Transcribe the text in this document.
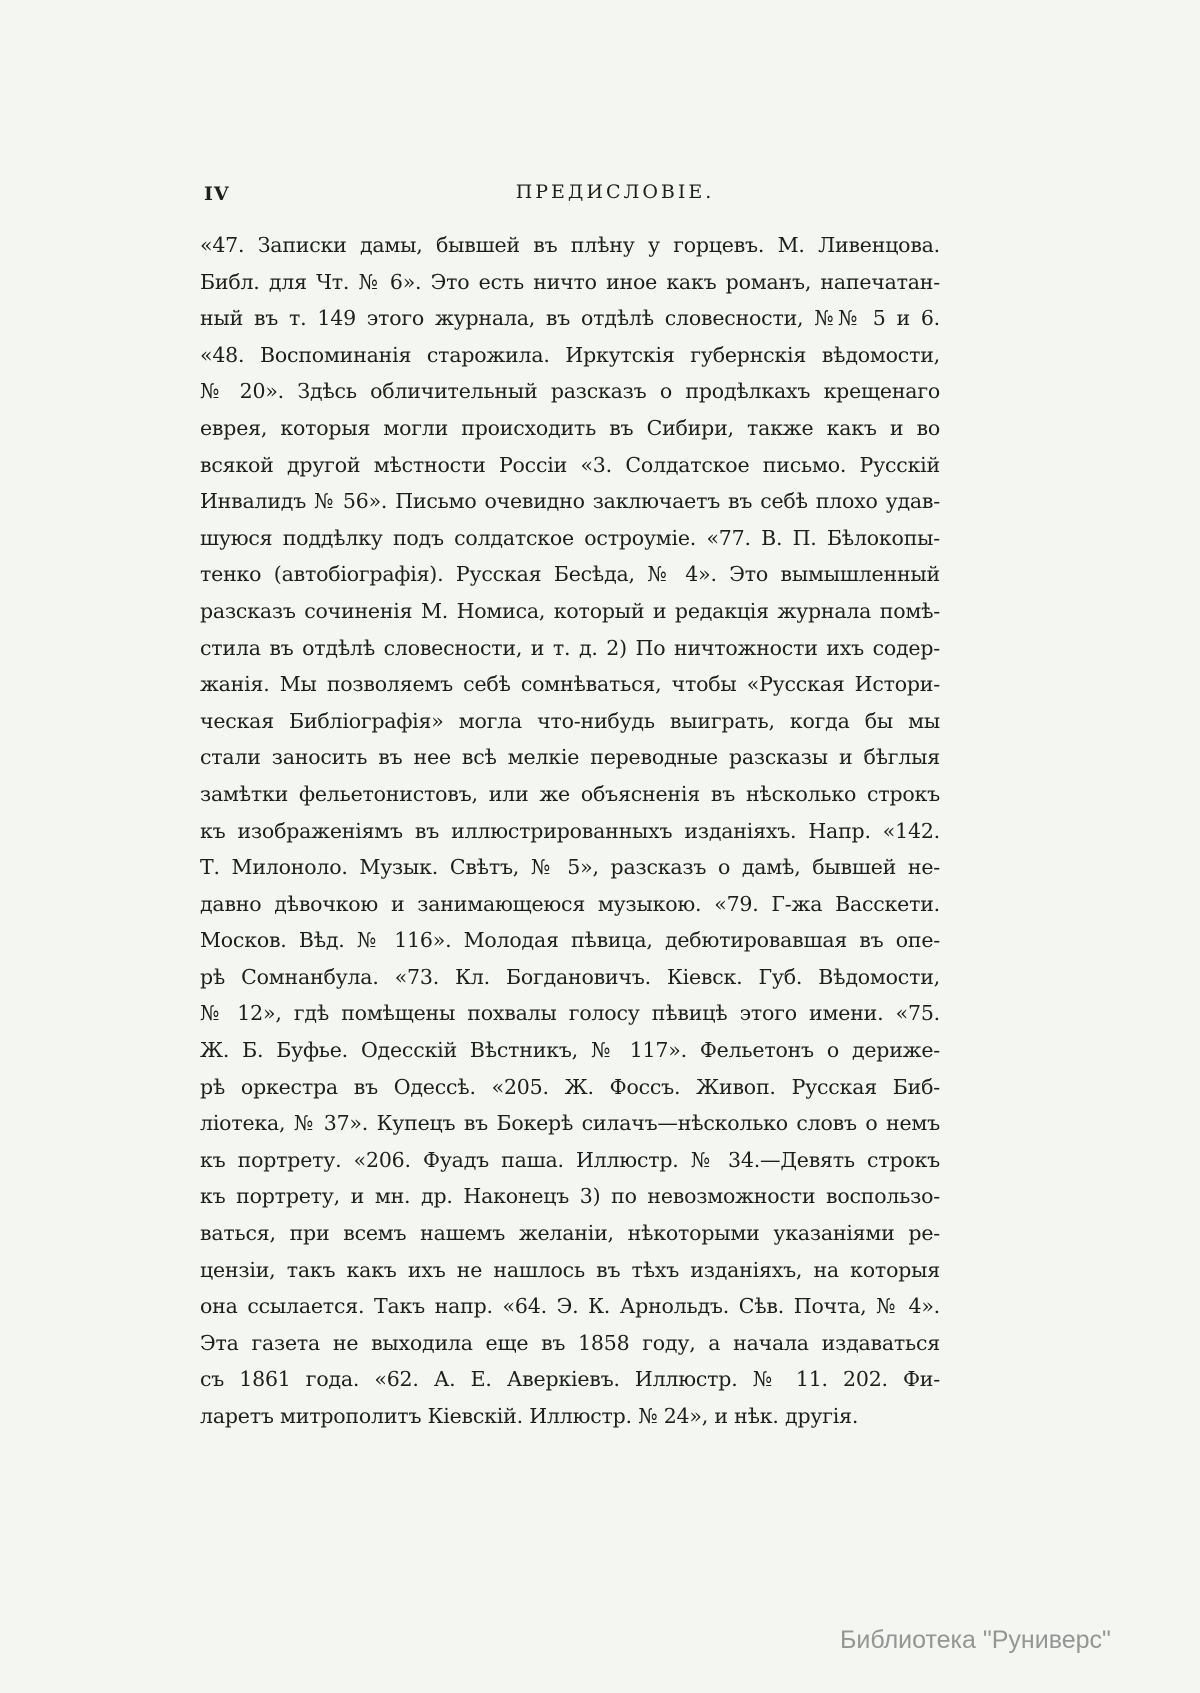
IV	ПРЕДИСЛОВІЕ.
«47. Записки дамы, бывшей въ плѣну у горцевъ. М. Ливенцова.
Библ. для Чт. № 6». Это есть ничто иное какъ романъ, напечатан-
ный въ т. 149 этого журнала, въ отдѣлѣ словесности, №№ 5 и 6.
«48. Воспоминанія старожила. Иркутскія губернскія вѣдомости,
№ 20». Здѣсь обличительный разсказъ о продѣлкахъ крещенаго
еврея, которыя могли происходить въ Сибири, также какъ и во
всякой другой мѣстности Россіи «3. Солдатское письмо. Русскій
Инвалидъ № 56». Письмо очевидно заключаетъ въ себѣ плохо удав-
шуюся поддѣлку подъ солдатское остроуміе. «77. В. П. Бѣлокопы-
тенко (автобіографія). Русская Бесѣда, № 4». Это вымышленный
разсказъ сочиненія М. Номиса, который и редакція журнала помѣ-
стила въ отдѣлѣ словесности, и т. д. 2) По ничтожности ихъ содер-
жанія. Мы позволяемъ себѣ сомнѣваться, чтобы «Русская Истори-
ческая Библіографія» могла что-нибудь выиграть, когда бы мы
стали заносить въ нее всѣ мелкіе переводные разсказы и бѣглыя
замѣтки фельетонистовъ, или же объясненія въ нѣсколько строкъ
къ изображеніямъ въ иллюстрированныхъ изданіяхъ. Напр. «142.
Т. Милоноло. Музык. Свѣтъ, № 5», разсказъ о дамѣ, бывшей не-
давно дѣвочкою и занимающеюся музыкою. «79. Г-жа Васскети.
Москов. Вѣд. № 116». Молодая пѣвица, дебютировавшая въ опе-
рѣ Сомнанбула. «73. Кл. Богдановичъ. Кіевск. Губ. Вѣдомости,
№ 12», гдѣ помѣщены похвалы голосу пѣвицѣ этого имени. «75.
Ж. Б. Буфье. Одесскій Вѣстникъ, № 117». Фельетонъ о дериже-
рѣ оркестра въ Одессѣ. «205. Ж. Фоссъ. Живоп. Русская Биб-
ліотека, № 37». Купецъ въ Бокерѣ силачъ—нѣсколько словъ о немъ
къ портрету. «206. Фуадъ паша. Иллюстр. № 34.—Девять строкъ
къ портрету, и мн. др. Наконецъ 3) по невозможности воспользо-
ваться, при всемъ нашемъ желаніи, нѣкоторыми указаніями ре-
цензіи, такъ какъ ихъ не нашлось въ тѣхъ изданіяхъ, на которыя
она ссылается. Такъ напр. «64. Э. К. Арнольдъ. Сѣв. Почта, № 4».
Эта газета не выходила еще въ 1858 году, а начала издаваться
съ 1861 года. «62. А. Е. Аверкіевъ. Иллюстр. № 11. 202. Фи-
ларетъ митрополитъ Кіевскій. Иллюстр. № 24», и нѣк. другія.
Библиотека "Руниверс"
